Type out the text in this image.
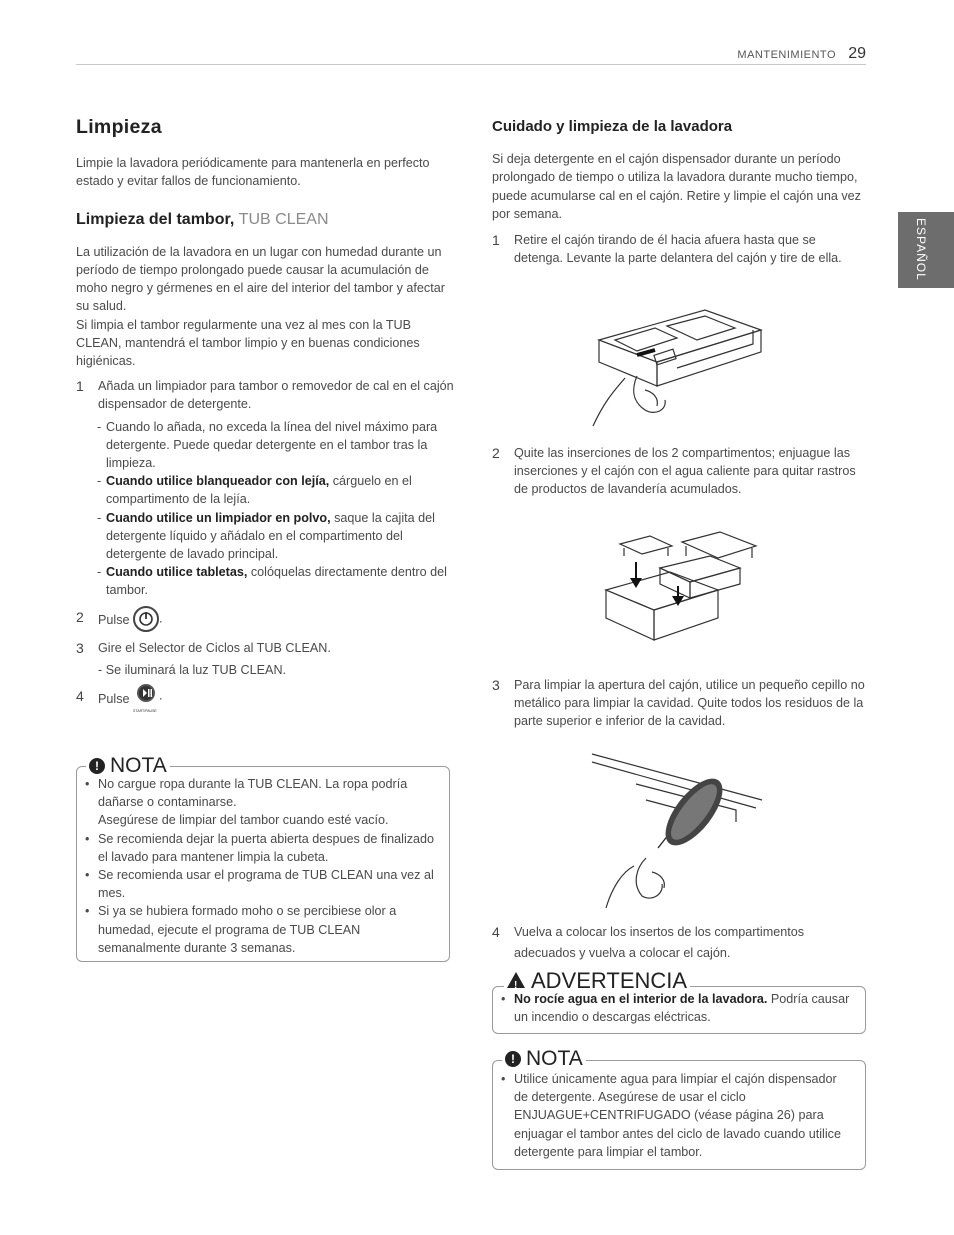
MANTENIMIENTO 29
ESPAÑOL
Limpieza

Limpie la lavadora periódicamente para mantenerla en perfecto estado y evitar fallos de funcionamiento.

Limpieza del tambor, TUB CLEAN

La utilización de la lavadora en un lugar con humedad durante un período de tiempo prolongado puede causar la acumulación de moho negro y gérmenes en el aire del interior del tambor y afectar su salud.

Si limpia el tambor regularmente una vez al mes con la TUB CLEAN, mantendrá el tambor limpio y en buenas condiciones higiénicas.

1 Añada un limpiador para tambor o removedor de cal en el cajón dispensador de detergente.
- Cuando lo añada, no exceda la línea del nivel máximo para detergente. Puede quedar detergente en el tambor tras la limpieza.
- Cuando utilice blanqueador con lejía, cárguelo en el compartimento de la lejía.
- Cuando utilice un limpiador en polvo, saque la cajita del detergente líquido y añádalo en el compartimento del detergente de lavado principal.
- Cuando utilice tabletas, colóquelas directamente dentro del tambor.
2 Pulse .
3 Gire el Selector de Ciclos al TUB CLEAN.
- Se iluminará la luz TUB CLEAN.
4 Pulse
START/PAUSE
.
! NOTA
• No cargue ropa durante la TUB CLEAN. La ropa podría dañarse o contaminarse.
Asegúrese de limpiar del tambor cuando esté vacío.
• Se recomienda dejar la puerta abierta despues de finalizado el lavado para mantener limpia la cubeta.
• Se recomienda usar el programa de TUB CLEAN una vez al mes.
• Si ya se hubiera formado moho o se percibiese olor a humedad, ejecute el programa de TUB CLEAN semanalmente durante 3 semanas.
Cuidado y limpieza de la lavadora

Si deja detergente en el cajón dispensador durante un período prolongado de tiempo o utiliza la lavadora durante mucho tiempo, puede acumularse cal en el cajón. Retire y limpie el cajón una vez por semana.

1 Retire el cajón tirando de él hacia afuera hasta que se detenga. Levante la parte delantera del cajón y tire de ella.
2 Quite las inserciones de los 2 compartimentos; enjuague las inserciones y el cajón con el agua caliente para quitar rastros de productos de lavandería acumulados.
3 Para limpiar la apertura del cajón, utilice un pequeño cepillo no metálico para limpiar la cavidad. Quite todos los residuos de la parte superior e inferior de la cavidad.
4 Vuelva a colocar los insertos de los compartimentos adecuados y vuelva a colocar el cajón.
! ADVERTENCIA
• No rocíe agua en el interior de la lavadora. Podría causar un incendio o descargas eléctricas.
! NOTA
• Utilice únicamente agua para limpiar el cajón dispensador de detergente. Asegúrese de usar el ciclo ENJUAGUE+CENTRIFUGADO (véase página 26) para enjuagar el tambor antes del ciclo de lavado cuando utilice detergente para limpiar el tambor.
